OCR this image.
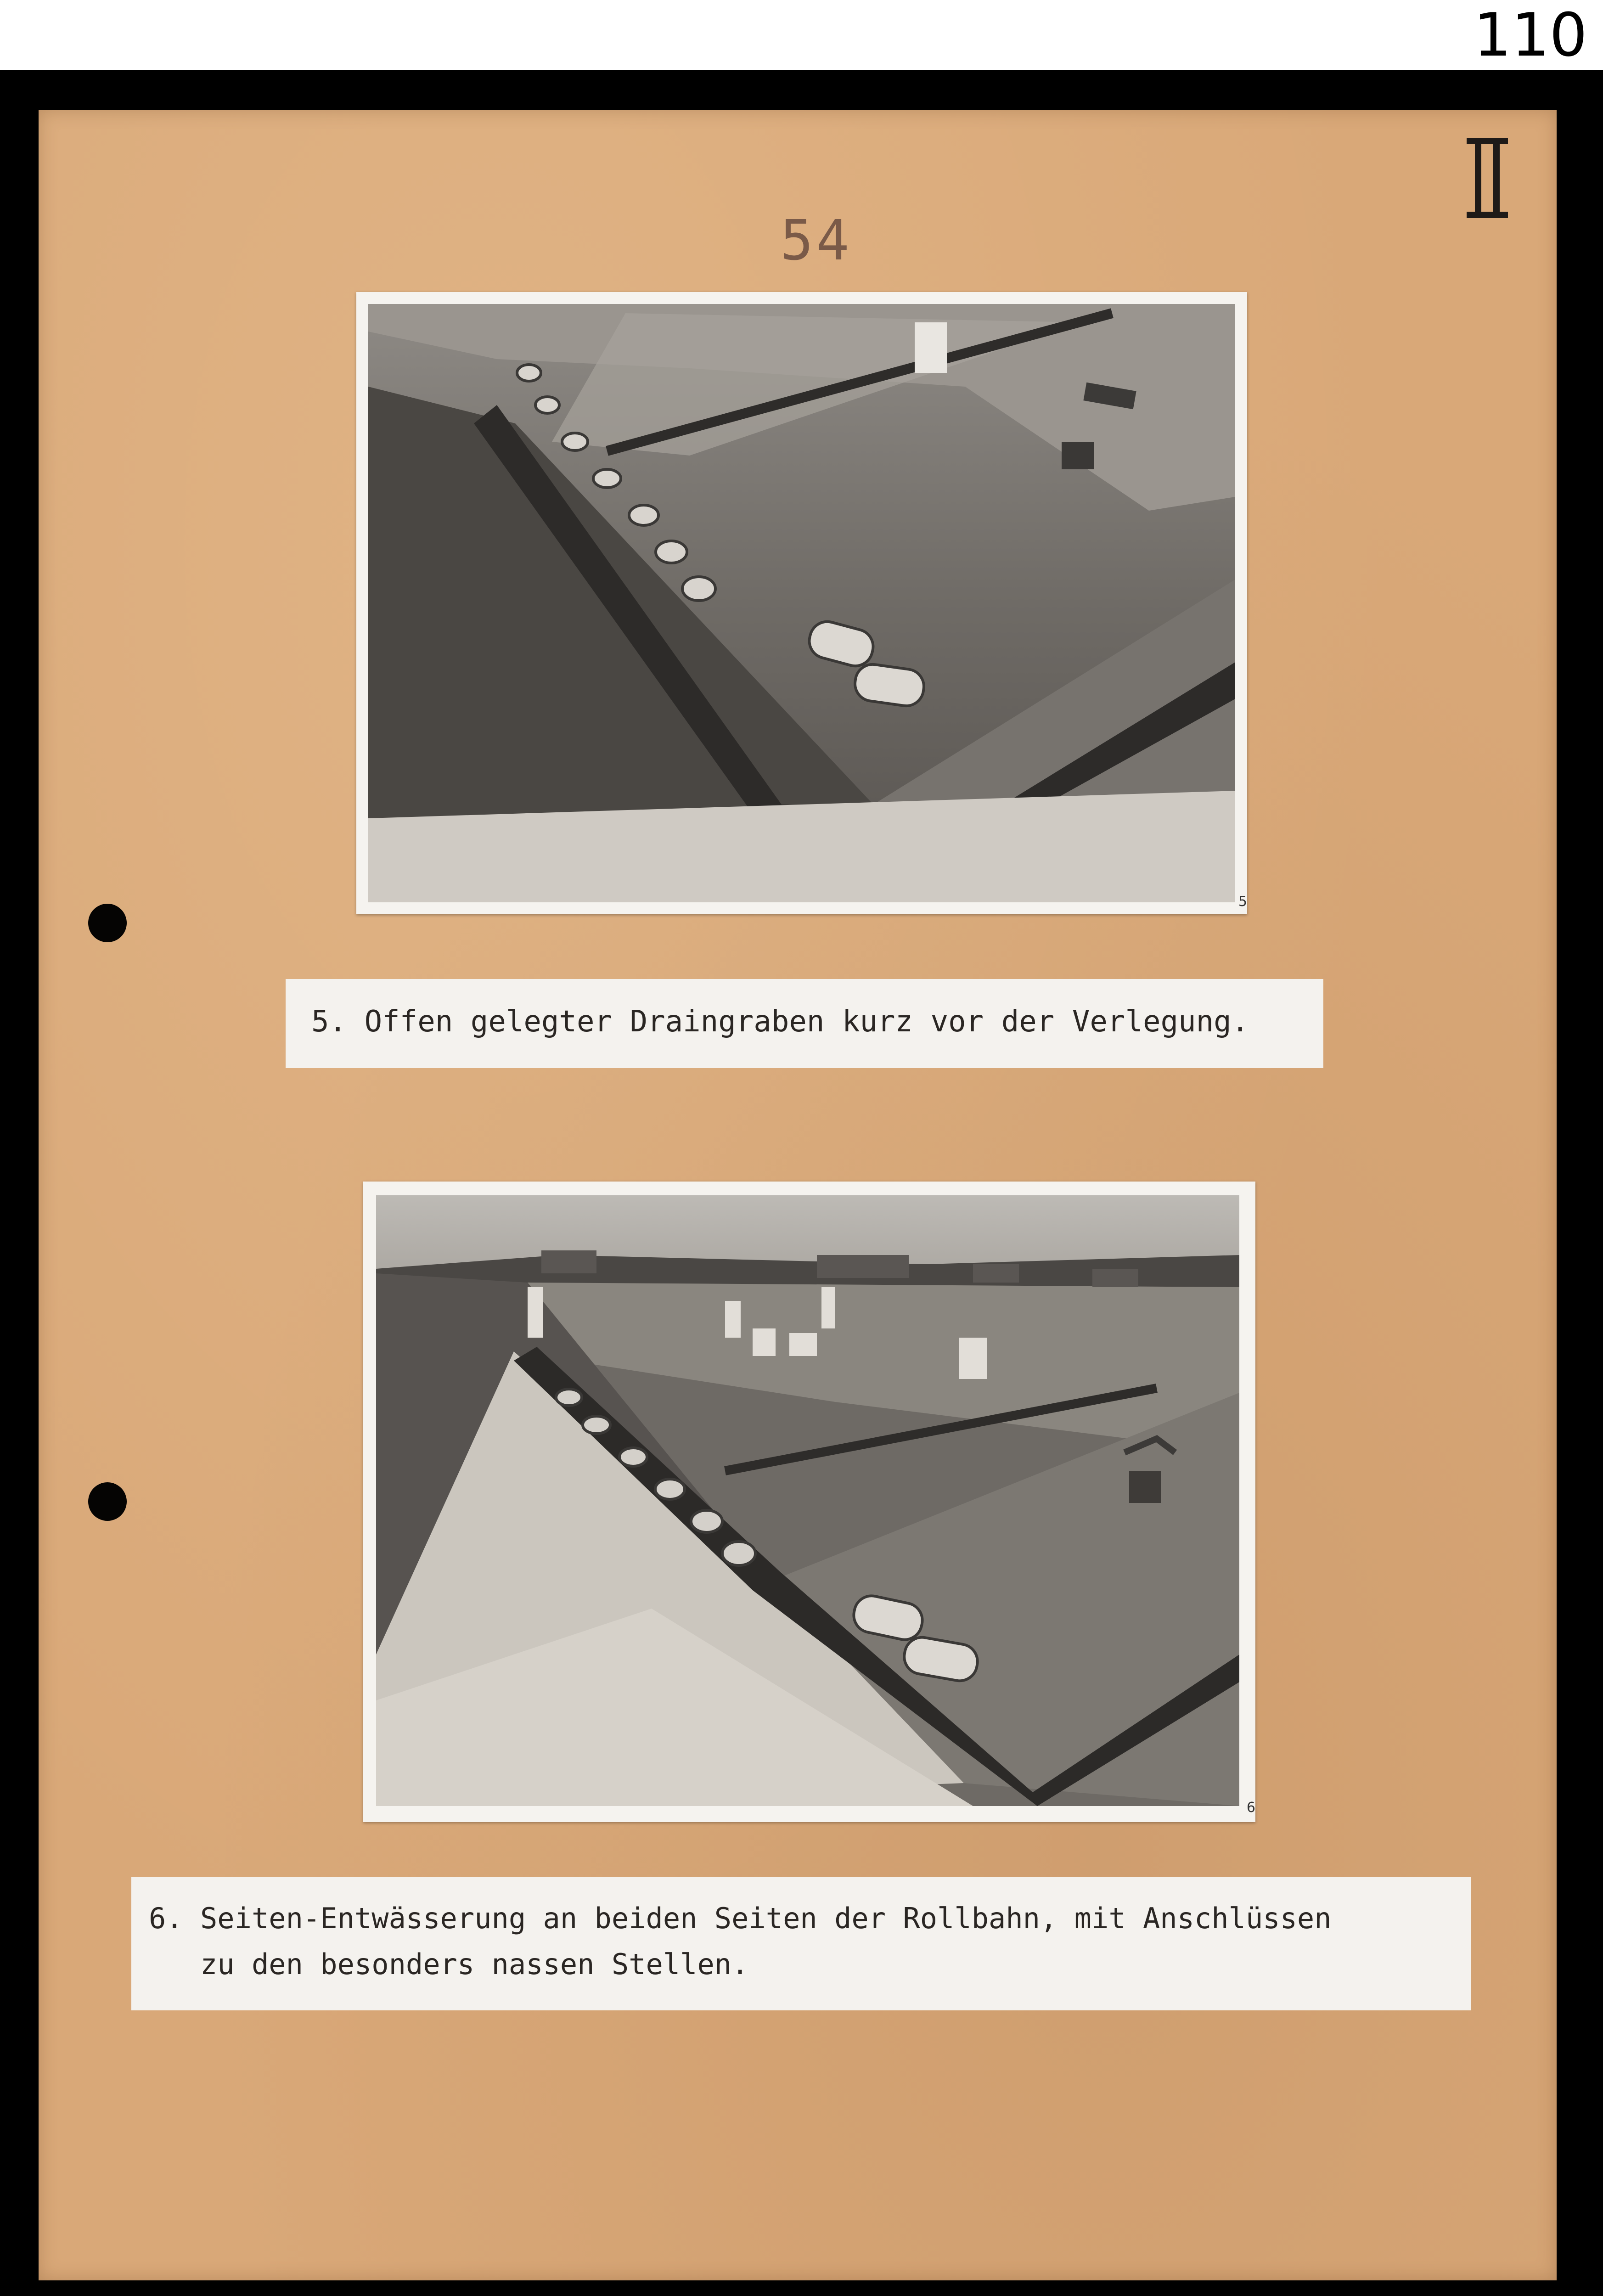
110
54
5
5. Offen gelegter Draingraben kurz vor der Verlegung.
6
6. Seiten-Entwässerung an beiden Seiten der Rollbahn, mit Anschlüssen
zu den besonders nassen Stellen.
